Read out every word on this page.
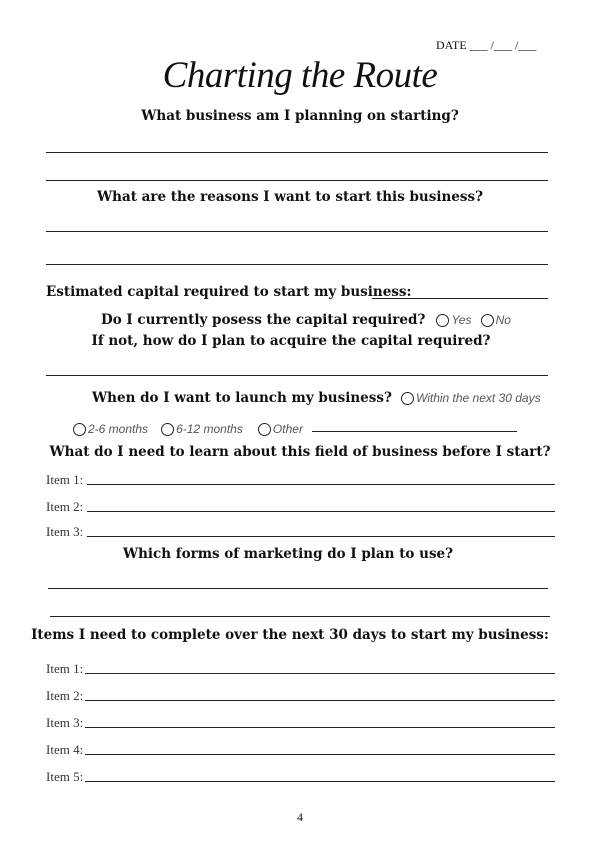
DATE ___ /___ /___
Charting the Route
What business am I planning on starting?
What are the reasons I want to start this business?
Estimated capital required to start my business:
Do I currently posess the capital required? Yes No
If not, how do I plan to acquire the capital required?
When do I want to launch my business? Within the next 30 days
2-6 months 6-12 months	Other
What do I need to learn about this field of business before I start?
Item 1:
Item 2:
Item 3:
Which forms of marketing do I plan to use?
Items I need to complete over the next 30 days to start my business:
Item 1:
Item 2:
Item 3:
Item 4:
Item 5:
4
